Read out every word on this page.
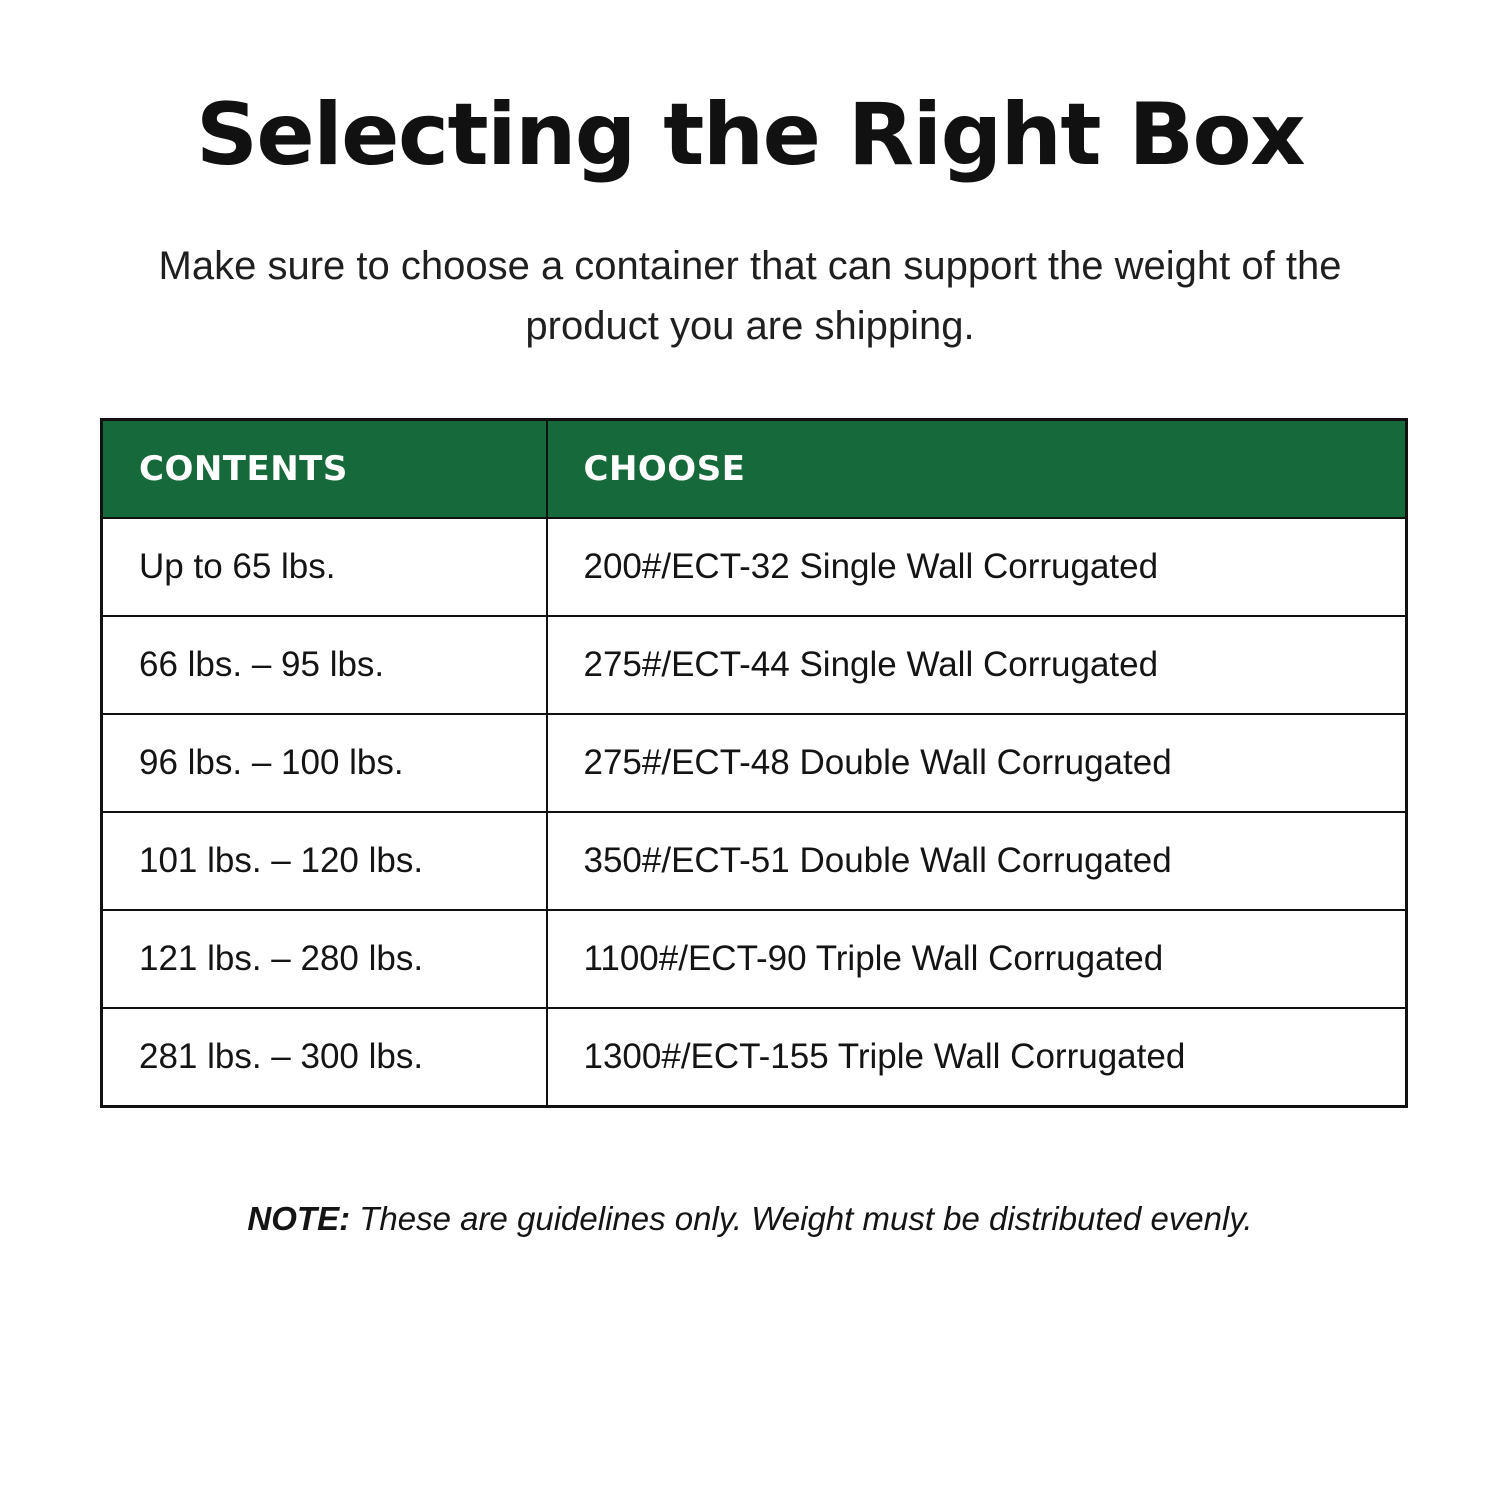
Selecting the Right Box

Make sure to choose a container that can support the weight of the product you are shipping.

CONTENTS	CHOOSE

Up to 65 lbs.	200#/ECT-32 Single Wall Corrugated

66 lbs. – 95 lbs.	275#/ECT-44 Single Wall Corrugated

96 lbs. – 100 lbs.	275#/ECT-48 Double Wall Corrugated

101 lbs. – 120 lbs.	350#/ECT-51 Double Wall Corrugated

121 lbs. – 280 lbs.	1100#/ECT-90 Triple Wall Corrugated

281 lbs. – 300 lbs.	1300#/ECT-155 Triple Wall Corrugated

NOTE: These are guidelines only. Weight must be distributed evenly.
